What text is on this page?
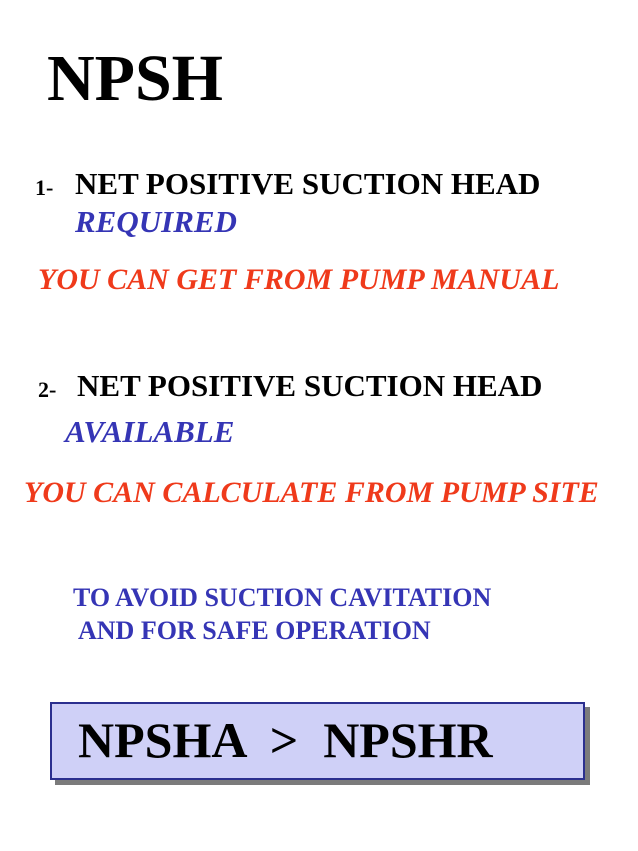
NPSH
1- NET POSITIVE SUCTION HEAD
REQUIRED
YOU CAN GET FROM PUMP MANUAL
2- NET POSITIVE SUCTION HEAD
AVAILABLE
YOU CAN CALCULATE FROM PUMP SITE
TO AVOID SUCTION CAVITATION
AND FOR SAFE OPERATION
NPSHA  >  NPSHR
